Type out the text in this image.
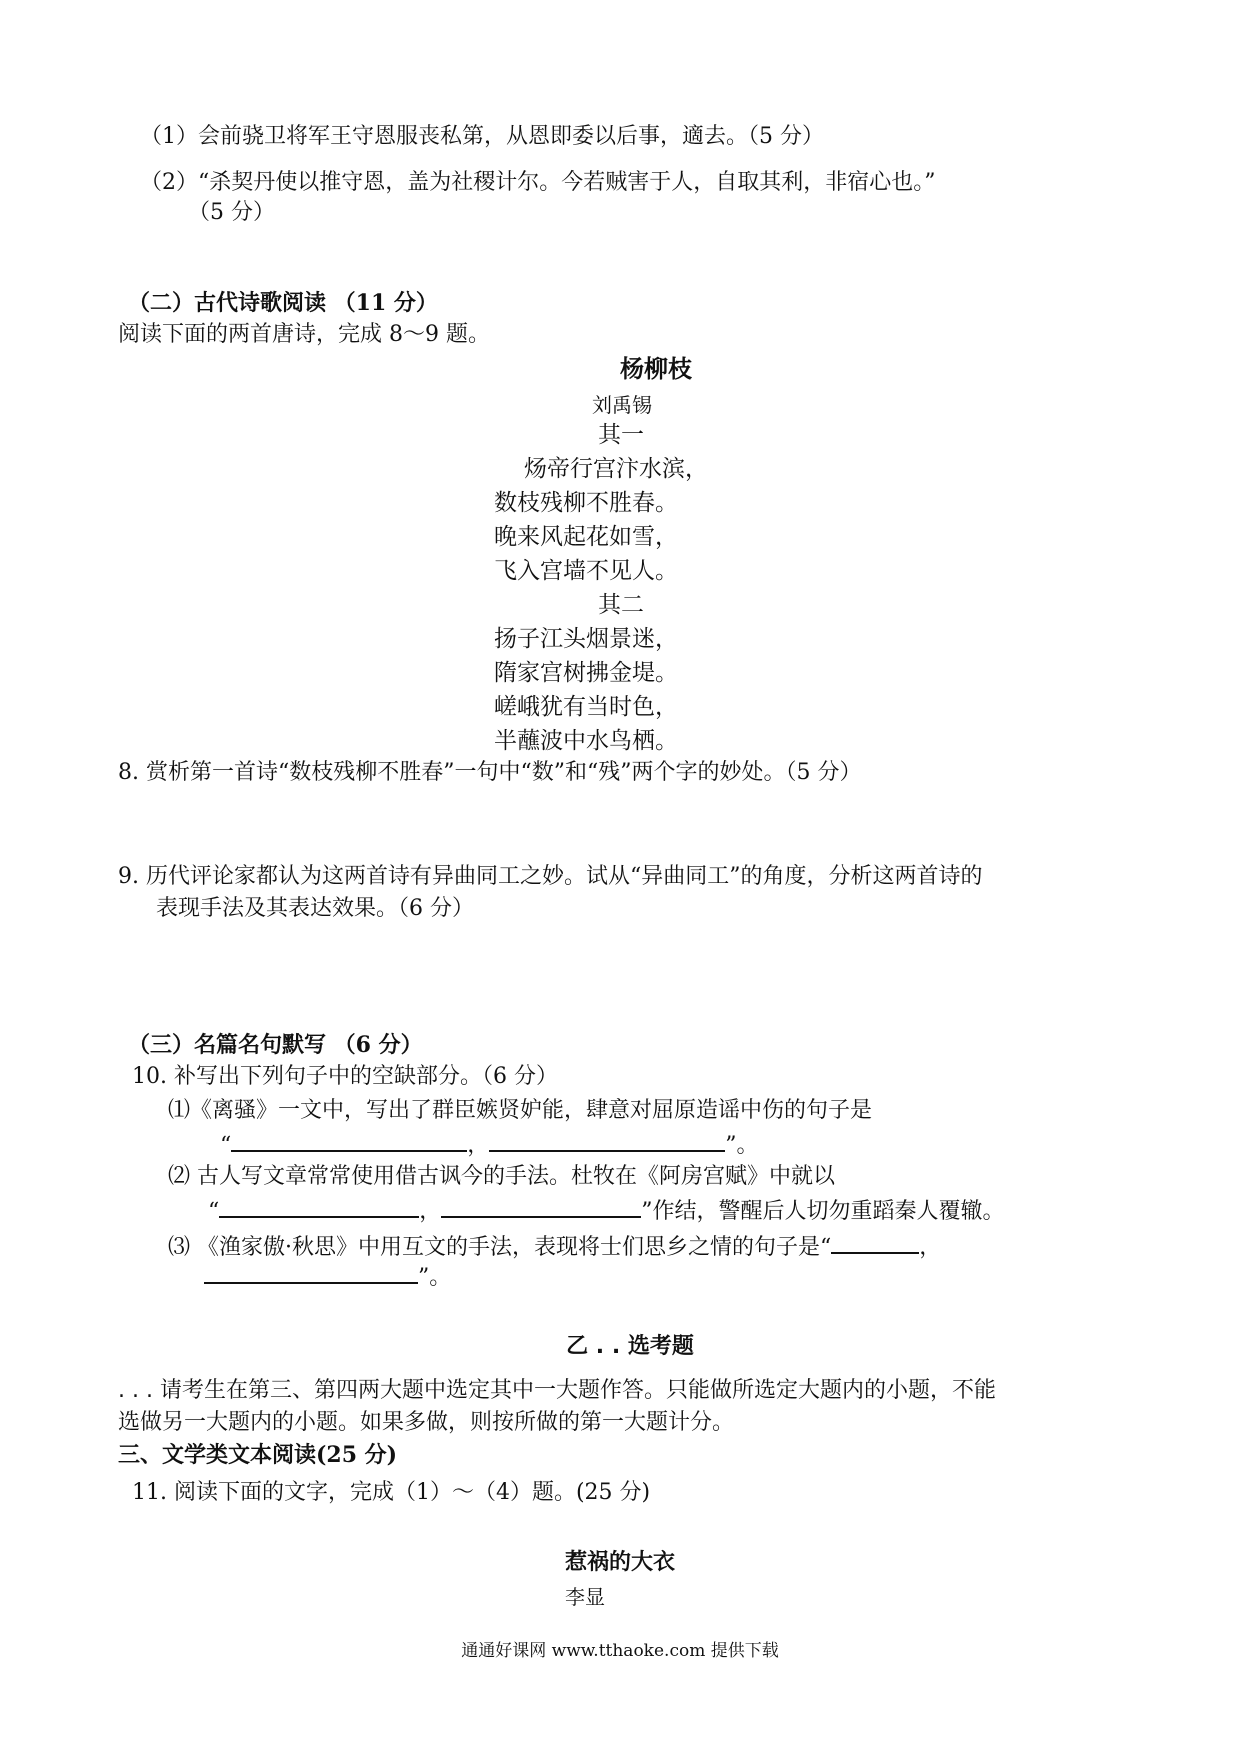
（1）会前骁卫将军王守恩服丧私第，从恩即委以后事，適去。（5 分）
（2）“杀契丹使以推守恩，盖为社稷计尔。今若贼害于人，自取其利，非宿心也。”
（5 分）
（二）古代诗歌阅读 （11 分）
阅读下面的两首唐诗，完成 8～9 题。
杨柳枝
刘禹锡
其一
炀帝行宫汴水滨，
数枝残柳不胜春。
晚来风起花如雪，
飞入宫墙不见人。
其二
扬子江头烟景迷，
隋家宫树拂金堤。
嵯峨犹有当时色，
半蘸波中水鸟栖。
8. 赏析第一首诗“数枝残柳不胜春”一句中“数”和“残”两个字的妙处。（5 分）
9. 历代评论家都认为这两首诗有异曲同工之妙。试从“异曲同工”的角度，分析这两首诗的
表现手法及其表达效果。（6 分）
（三）名篇名句默写 （6 分）
10. 补写出下列句子中的空缺部分。（6 分）
⑴《离骚》一文中，写出了群臣嫉贤妒能，肆意对屈原造谣中伤的句子是
“	，	”。
⑵ 古人写文章常常使用借古讽今的手法。杜牧在《阿房宫赋》中就以
“	，	”作结，警醒后人切勿重蹈秦人覆辙。
⑶ 《渔家傲·秋思》中用互文的手法，表现将士们思乡之情的句子是“	，
”。
乙 . . 选考题
. . . 请考生在第三、第四两大题中选定其中一大题作答。只能做所选定大题内的小题，不能
选做另一大题内的小题。如果多做，则按所做的第一大题计分。
三、文学类文本阅读(25 分)
11. 阅读下面的文字，完成（1）～（4）题。(25 分)
惹祸的大衣
李显
通通好课网 www.tthaoke.com 提供下载
